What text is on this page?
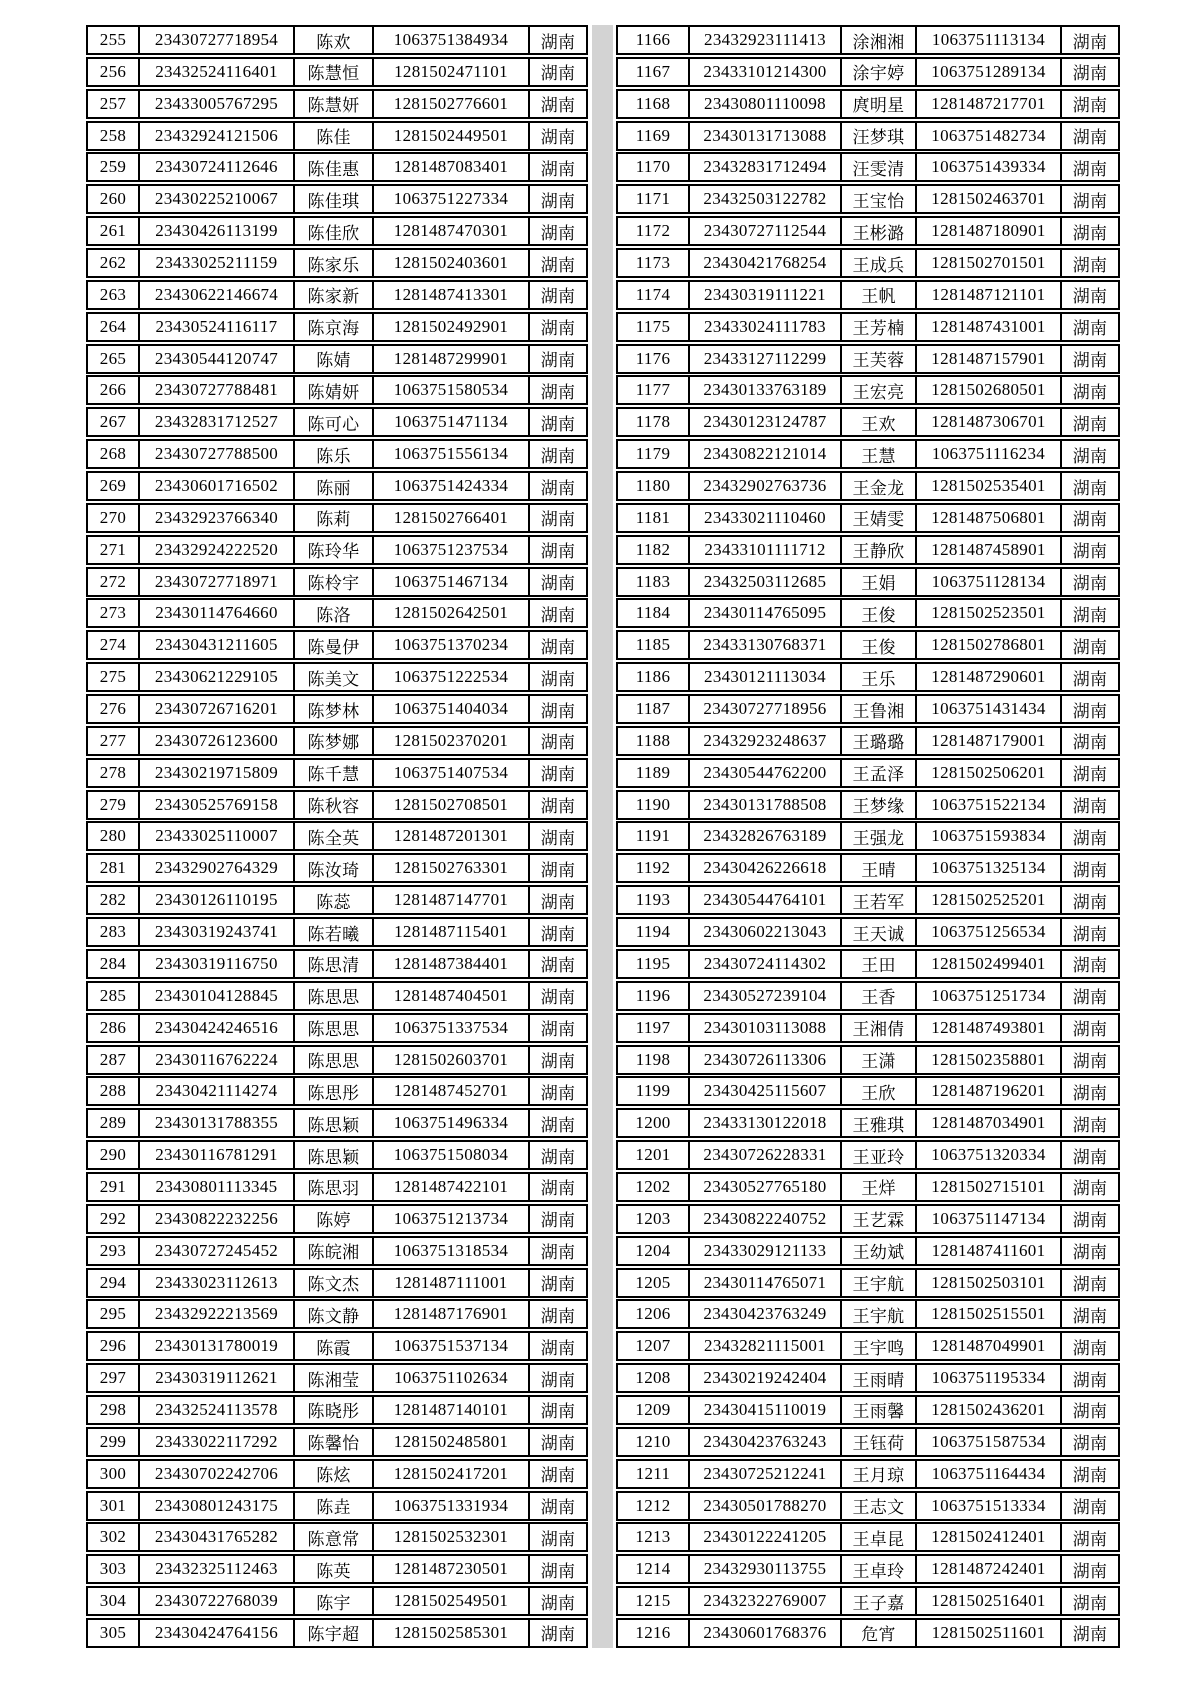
255	23430727718954	陈欢	1063751384934	湖南
256	23432524116401	陈慧恒	1281502471101	湖南
257	23433005767295	陈慧妍	1281502776601	湖南
258	23432924121506	陈佳	1281502449501	湖南
259	23430724112646	陈佳惠	1281487083401	湖南
260	23430225210067	陈佳琪	1063751227334	湖南
261	23430426113199	陈佳欣	1281487470301	湖南
262	23433025211159	陈家乐	1281502403601	湖南
263	23430622146674	陈家新	1281487413301	湖南
264	23430524116117	陈京海	1281502492901	湖南
265	23430544120747	陈婧	1281487299901	湖南
266	23430727788481	陈婧妍	1063751580534	湖南
267	23432831712527	陈可心	1063751471134	湖南
268	23430727788500	陈乐	1063751556134	湖南
269	23430601716502	陈丽	1063751424334	湖南
270	23432923766340	陈莉	1281502766401	湖南
271	23432924222520	陈玲华	1063751237534	湖南
272	23430727718971	陈柃宇	1063751467134	湖南
273	23430114764660	陈洛	1281502642501	湖南
274	23430431211605	陈曼伊	1063751370234	湖南
275	23430621229105	陈美文	1063751222534	湖南
276	23430726716201	陈梦林	1063751404034	湖南
277	23430726123600	陈梦娜	1281502370201	湖南
278	23430219715809	陈千慧	1063751407534	湖南
279	23430525769158	陈秋容	1281502708501	湖南
280	23433025110007	陈全英	1281487201301	湖南
281	23432902764329	陈汝琦	1281502763301	湖南
282	23430126110195	陈蕊	1281487147701	湖南
283	23430319243741	陈若曦	1281487115401	湖南
284	23430319116750	陈思清	1281487384401	湖南
285	23430104128845	陈思思	1281487404501	湖南
286	23430424246516	陈思思	1063751337534	湖南
287	23430116762224	陈思思	1281502603701	湖南
288	23430421114274	陈思彤	1281487452701	湖南
289	23430131788355	陈思颖	1063751496334	湖南
290	23430116781291	陈思颖	1063751508034	湖南
291	23430801113345	陈思羽	1281487422101	湖南
292	23430822232256	陈婷	1063751213734	湖南
293	23430727245452	陈皖湘	1063751318534	湖南
294	23433023112613	陈文杰	1281487111001	湖南
295	23432922213569	陈文静	1281487176901	湖南
296	23430131780019	陈霞	1063751537134	湖南
297	23430319112621	陈湘莹	1063751102634	湖南
298	23432524113578	陈晓彤	1281487140101	湖南
299	23433022117292	陈馨怡	1281502485801	湖南
300	23430702242706	陈炫	1281502417201	湖南
301	23430801243175	陈垚	1063751331934	湖南
302	23430431765282	陈意常	1281502532301	湖南
303	23432325112463	陈英	1281487230501	湖南
304	23430722768039	陈宇	1281502549501	湖南
305	23430424764156	陈宇超	1281502585301	湖南
1166	23432923111413	涂湘湘	1063751113134	湖南
1167	23433101214300	涂宇婷	1063751289134	湖南
1168	23430801110098	庹明星	1281487217701	湖南
1169	23430131713088	汪梦琪	1063751482734	湖南
1170	23432831712494	汪雯清	1063751439334	湖南
1171	23432503122782	王宝怡	1281502463701	湖南
1172	23430727112544	王彬潞	1281487180901	湖南
1173	23430421768254	王成兵	1281502701501	湖南
1174	23430319111221	王帆	1281487121101	湖南
1175	23433024111783	王芳楠	1281487431001	湖南
1176	23433127112299	王芙蓉	1281487157901	湖南
1177	23430133763189	王宏亮	1281502680501	湖南
1178	23430123124787	王欢	1281487306701	湖南
1179	23430822121014	王慧	1063751116234	湖南
1180	23432902763736	王金龙	1281502535401	湖南
1181	23433021110460	王婧雯	1281487506801	湖南
1182	23433101111712	王静欣	1281487458901	湖南
1183	23432503112685	王娟	1063751128134	湖南
1184	23430114765095	王俊	1281502523501	湖南
1185	23433130768371	王俊	1281502786801	湖南
1186	23430121113034	王乐	1281487290601	湖南
1187	23430727718956	王鲁湘	1063751431434	湖南
1188	23432923248637	王璐璐	1281487179001	湖南
1189	23430544762200	王孟泽	1281502506201	湖南
1190	23430131788508	王梦缘	1063751522134	湖南
1191	23432826763189	王强龙	1063751593834	湖南
1192	23430426226618	王晴	1063751325134	湖南
1193	23430544764101	王若军	1281502525201	湖南
1194	23430602213043	王天诚	1063751256534	湖南
1195	23430724114302	王田	1281502499401	湖南
1196	23430527239104	王香	1063751251734	湖南
1197	23430103113088	王湘倩	1281487493801	湖南
1198	23430726113306	王潇	1281502358801	湖南
1199	23430425115607	王欣	1281487196201	湖南
1200	23433130122018	王雅琪	1281487034901	湖南
1201	23430726228331	王亚玲	1063751320334	湖南
1202	23430527765180	王烊	1281502715101	湖南
1203	23430822240752	王艺霖	1063751147134	湖南
1204	23433029121133	王幼斌	1281487411601	湖南
1205	23430114765071	王宇航	1281502503101	湖南
1206	23430423763249	王宇航	1281502515501	湖南
1207	23432821115001	王宇鸣	1281487049901	湖南
1208	23430219242404	王雨晴	1063751195334	湖南
1209	23430415110019	王雨馨	1281502436201	湖南
1210	23430423763243	王钰荷	1063751587534	湖南
1211	23430725212241	王月琼	1063751164434	湖南
1212	23430501788270	王志文	1063751513334	湖南
1213	23430122241205	王卓昆	1281502412401	湖南
1214	23432930113755	王卓玲	1281487242401	湖南
1215	23432322769007	王子嘉	1281502516401	湖南
1216	23430601768376	危宵	1281502511601	湖南
